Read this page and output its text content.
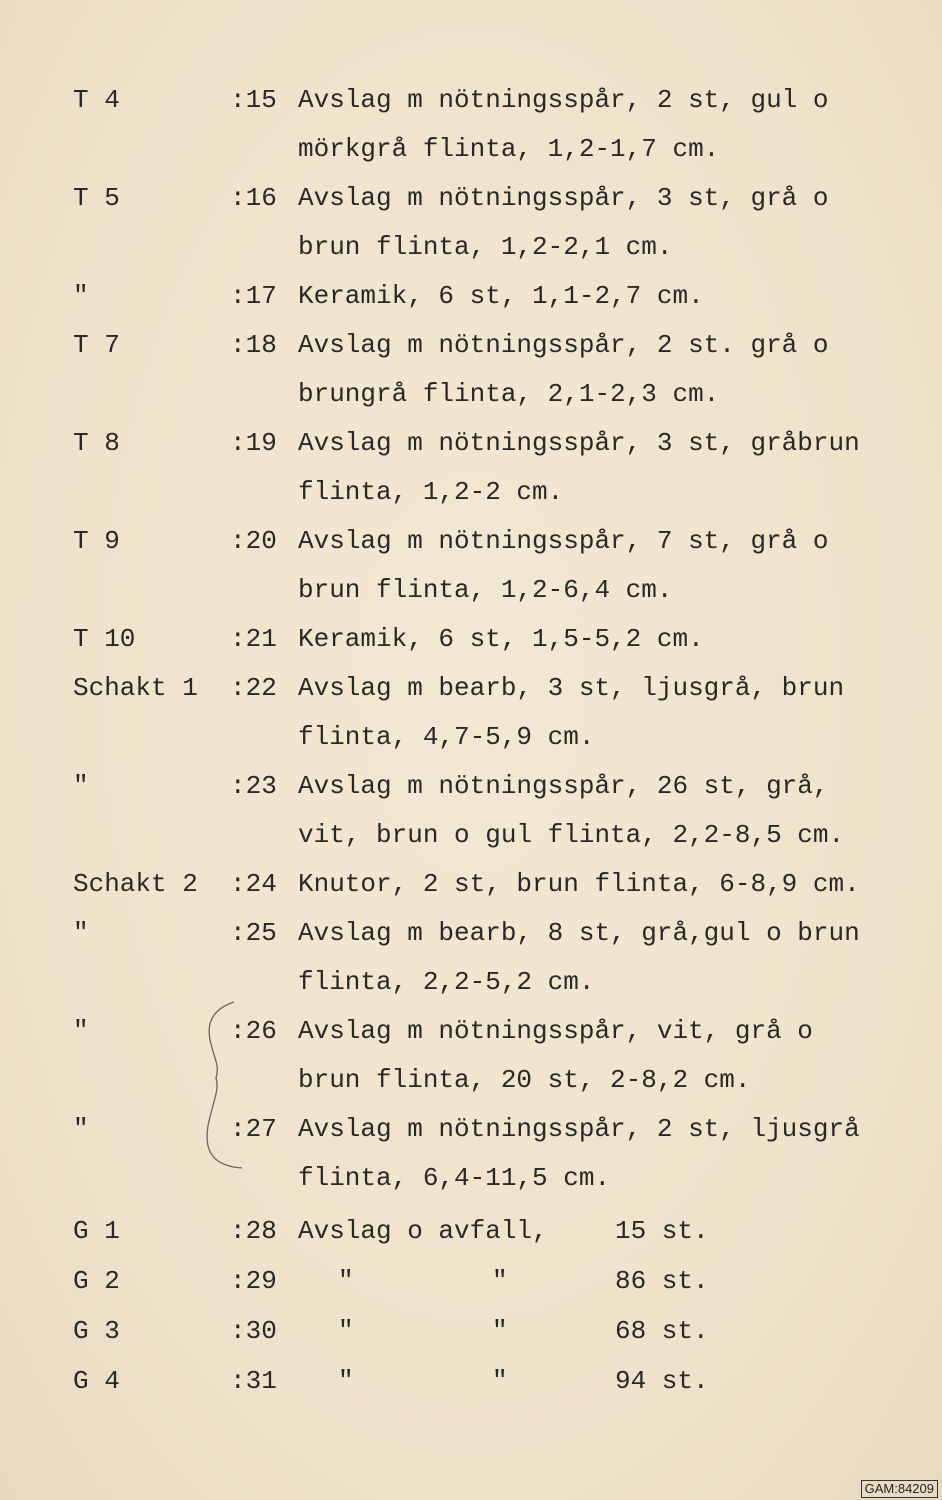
T 4	:15 Avslag m nötningsspår, 2 st, gul o
mörkgrå flinta, 1,2-1,7 cm.
T 5	:16 Avslag m nötningsspår, 3 st, grå o
brun flinta, 1,2-2,1 cm.
"	:17 Keramik, 6 st, 1,1-2,7 cm.
T 7	:18 Avslag m nötningsspår, 2 st. grå o
brungrå flinta, 2,1-2,3 cm.
T 8	:19 Avslag m nötningsspår, 3 st, gråbrun
flinta, 1,2-2 cm.
T 9	:20 Avslag m nötningsspår, 7 st, grå o
brun flinta, 1,2-6,4 cm.
T 10	:21 Keramik, 6 st, 1,5-5,2 cm.
Schakt 1 :22 Avslag m bearb, 3 st, ljusgrå, brun
flinta, 4,7-5,9 cm.
"	:23 Avslag m nötningsspår, 26 st, grå,
vit, brun o gul flinta, 2,2-8,5 cm.
Schakt 2 :24 Knutor, 2 st, brun flinta, 6-8,9 cm.
"	:25 Avslag m bearb, 8 st, grå,gul o brun
flinta, 2,2-5,2 cm.
"	:26 Avslag m nötningsspår, vit, grå o
brun flinta, 20 st, 2-8,2 cm.
"	:27 Avslag m nötningsspår, 2 st, ljusgrå
flinta, 6,4-11,5 cm.
G 1	:28 Avslag o avfall,	15 st.
G 2	:29 "	"	86 st.
G 3	:30 "	"	68 st.
G 4	:31 "	"	94 st.
GAM:84209
